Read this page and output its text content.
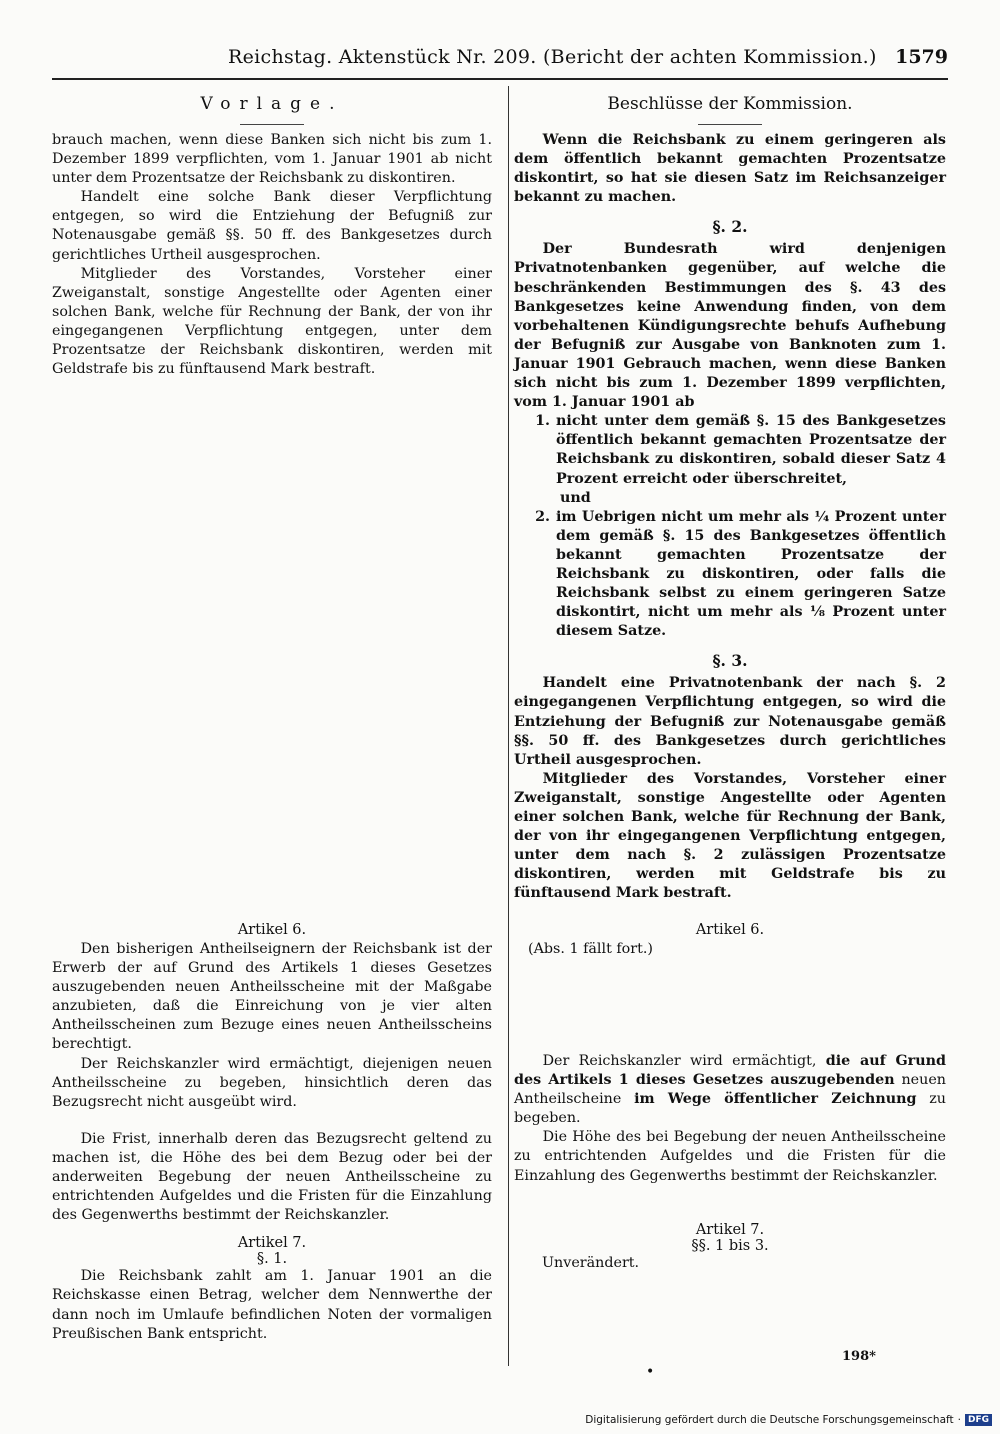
Reichstag. Aktenstück Nr. 209. (Bericht der achten Kommission.) 1579
Vorlage.

brauch machen, wenn diese Banken sich nicht bis zum 1. Dezember 1899 verpflichten, vom 1. Januar 1901 ab nicht unter dem Prozentsatze der Reichsbank zu diskontiren.

Handelt eine solche Bank dieser Verpflichtung entgegen, so wird die Entziehung der Befugniß zur Notenausgabe gemäß §§. 50 ff. des Bankgesetzes durch gerichtliches Urtheil ausgesprochen.

Mitglieder des Vorstandes, Vorsteher einer Zweiganstalt, sonstige Angestellte oder Agenten einer solchen Bank, welche für Rechnung der Bank, der von ihr eingegangenen Verpflichtung entgegen, unter dem Prozentsatze der Reichsbank diskontiren, werden mit Geldstrafe bis zu fünftausend Mark bestraft.

Artikel 6.

Den bisherigen Antheilseignern der Reichsbank ist der Erwerb der auf Grund des Artikels 1 dieses Gesetzes auszugebenden neuen Antheilsscheine mit der Maßgabe anzubieten, daß die Einreichung von je vier alten Antheilsscheinen zum Bezuge eines neuen Antheilsscheins berechtigt.

Der Reichskanzler wird ermächtigt, diejenigen neuen Antheilsscheine zu begeben, hinsichtlich deren das Bezugsrecht nicht ausgeübt wird.

Die Frist, innerhalb deren das Bezugsrecht geltend zu machen ist, die Höhe des bei dem Bezug oder bei der anderweiten Begebung der neuen Antheilsscheine zu entrichtenden Aufgeldes und die Fristen für die Einzahlung des Gegenwerths bestimmt der Reichskanzler.

Artikel 7.
§. 1.

Die Reichsbank zahlt am 1. Januar 1901 an die Reichskasse einen Betrag, welcher dem Nennwerthe der dann noch im Umlaufe befindlichen Noten der vormaligen Preußischen Bank entspricht.

Beschlüsse der Kommission.

Wenn die Reichsbank zu einem geringeren als dem öffentlich bekannt gemachten Prozentsatze diskontirt, so hat sie diesen Satz im Reichsanzeiger bekannt zu machen.

§. 2.

Der Bundesrath wird denjenigen Privatnotenbanken gegenüber, auf welche die beschränkenden Bestimmungen des §. 43 des Bankgesetzes keine Anwendung finden, von dem vorbehaltenen Kündigungsrechte behufs Aufhebung der Befugniß zur Ausgabe von Banknoten zum 1. Januar 1901 Gebrauch machen, wenn diese Banken sich nicht bis zum 1. Dezember 1899 verpflichten, vom 1. Januar 1901 ab

1. nicht unter dem gemäß §. 15 des Bankgesetzes öffentlich bekannt gemachten Prozentsatze der Reichsbank zu diskontiren, sobald dieser Satz 4 Prozent erreicht oder überschreitet,

und

2. im Uebrigen nicht um mehr als ¼ Prozent unter dem gemäß §. 15 des Bankgesetzes öffentlich bekannt gemachten Prozentsatze der Reichsbank zu diskontiren, oder falls die Reichsbank selbst zu einem geringeren Satze diskontirt, nicht um mehr als ⅛ Prozent unter diesem Satze.

§. 3.

Handelt eine Privatnotenbank der nach §. 2 eingegangenen Verpflichtung entgegen, so wird die Entziehung der Befugniß zur Notenausgabe gemäß §§. 50 ff. des Bankgesetzes durch gerichtliches Urtheil ausgesprochen.

Mitglieder des Vorstandes, Vorsteher einer Zweiganstalt, sonstige Angestellte oder Agenten einer solchen Bank, welche für Rechnung der Bank, der von ihr eingegangenen Verpflichtung entgegen, unter dem nach §. 2 zulässigen Prozentsatze diskontiren, werden mit Geldstrafe bis zu fünftausend Mark bestraft.

Artikel 6.

(Abs. 1 fällt fort.)

Der Reichskanzler wird ermächtigt, die auf Grund des Artikels 1 dieses Gesetzes auszugebenden neuen Antheilscheine im Wege öffentlicher Zeichnung zu begeben.

Die Höhe des bei Begebung der neuen Antheilsscheine zu entrichtenden Aufgeldes und die Fristen für die Einzahlung des Gegenwerths bestimmt der Reichskanzler.

Artikel 7.
§§. 1 bis 3.

Unverändert.

198*
•
Digitalisierung gefördert durch die Deutsche Forschungsgemeinschaft · DFG
